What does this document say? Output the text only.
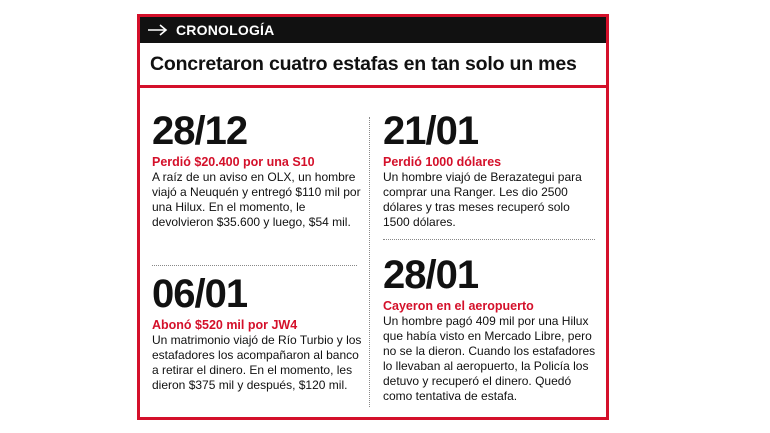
CRONOLOGÍA
Concretaron cuatro estafas en tan solo un mes
28/12
Perdió $20.400 por una S10
A raíz de un aviso en OLX, un hombre viajó a Neuquén y entregó $110 mil por una Hilux. En el momento, le devolvieron $35.600 y luego, $54 mil.
06/01
Abonó $520 mil por JW4
Un matrimonio viajó de Río Turbio y los estafadores los acompañaron al banco a retirar el dinero. En el momento, les dieron $375 mil y después, $120 mil.
21/01
Perdió 1000 dólares
Un hombre viajó de Berazategui para comprar una Ranger. Les dio 2500 dólares y tras meses recuperó solo 1500 dólares.
28/01
Cayeron en el aeropuerto
Un hombre pagó 409 mil por una Hilux que había visto en Mercado Libre, pero no se la dieron. Cuando los estafadores lo llevaban al aeropuerto, la Policía los detuvo y recuperó el dinero. Quedó como tentativa de estafa.
